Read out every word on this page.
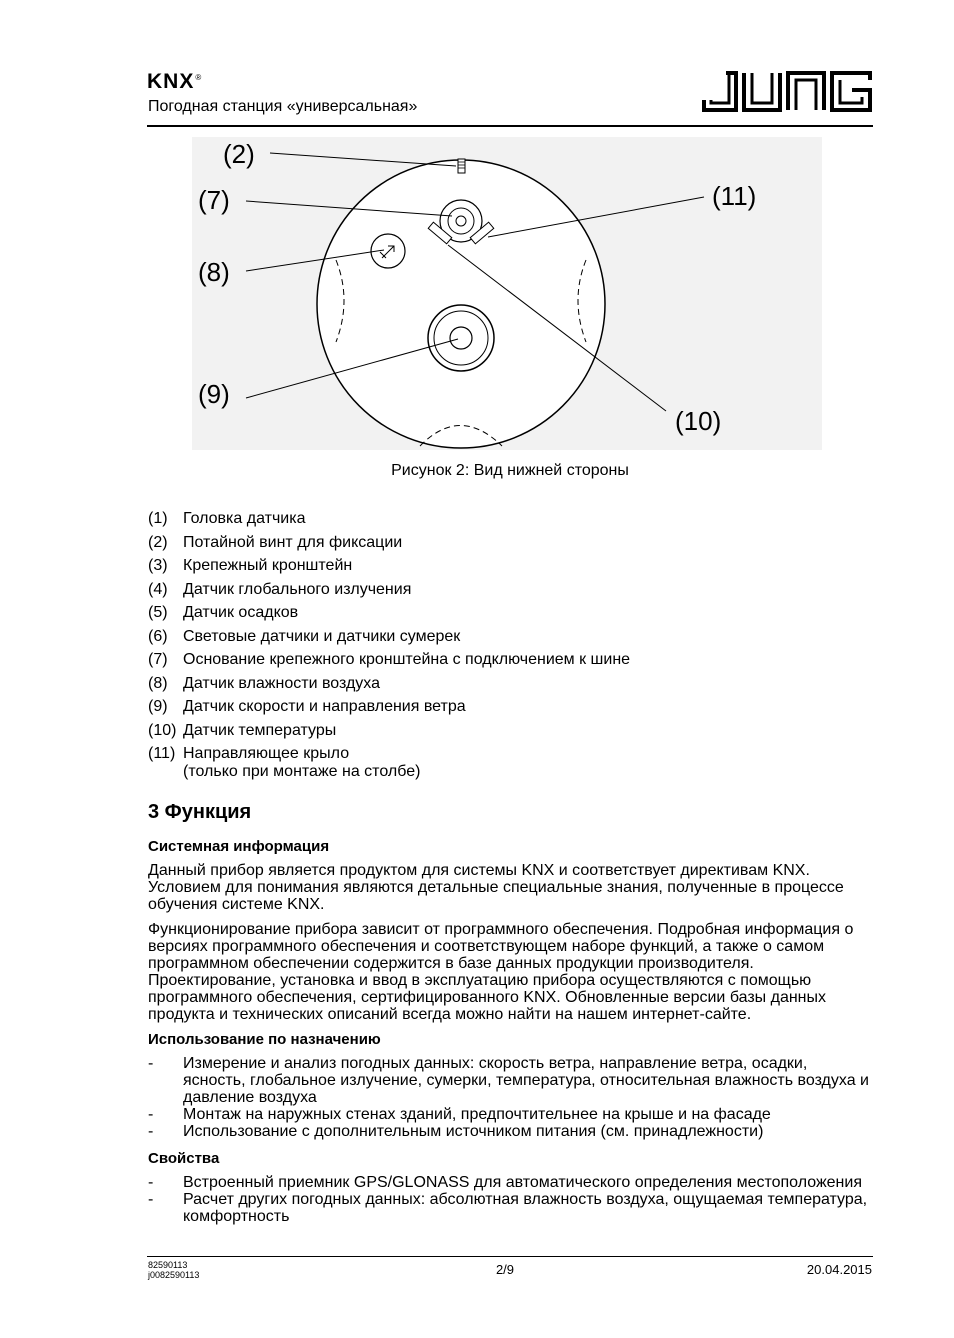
KNX®
Погодная станция «универсальная»
(2)
(7)
(8)
(9)
(10)
(11)
Рисунок 2: Вид нижней стороны
(1) Головка датчика
(2) Потайной винт для фиксации
(3) Крепежный кронштейн
(4) Датчик глобального излучения
(5) Датчик осадков
(6) Световые датчики и датчики сумерек
(7) Основание крепежного кронштейна с подключением к шине
(8) Датчик влажности воздуха
(9) Датчик скорости и направления ветра
(10) Датчик температуры
(11) Направляющее крыло
(только при монтаже на столбе)
3 Функция
Системная информация
Данный прибор является продуктом для системы KNX и соответствует директивам KNX. Условием для понимания являются детальные специальные знания, полученные в процессе обучения системе KNX.
Функционирование прибора зависит от программного обеспечения. Подробная информация о версиях программного обеспечения и соответствующем наборе функций, а также о самом программном обеспечении содержится в базе данных продукции производителя. Проектирование, установка и ввод в эксплуатацию прибора осуществляются с помощью программного обеспечения, сертифицированного KNX. Обновленные версии базы данных продукта и технических описаний всегда можно найти на нашем интернет-сайте.
Использование по назначению
-	Измерение и анализ погодных данных: скорость ветра, направление ветра, осадки, ясность, глобальное излучение, сумерки, температура, относительная влажность воздуха и давление воздуха
-	Монтаж на наружных стенах зданий, предпочтительнее на крыше и на фасаде
-	Использование с дополнительным источником питания (см. принадлежности)
Свойства
-	Встроенный приемник GPS/GLONASS для автоматического определения местоположения
-	Расчет других погодных данных: абсолютная влажность воздуха, ощущаемая температура, комфортность
82590113
j0082590113	2/9	20.04.2015
